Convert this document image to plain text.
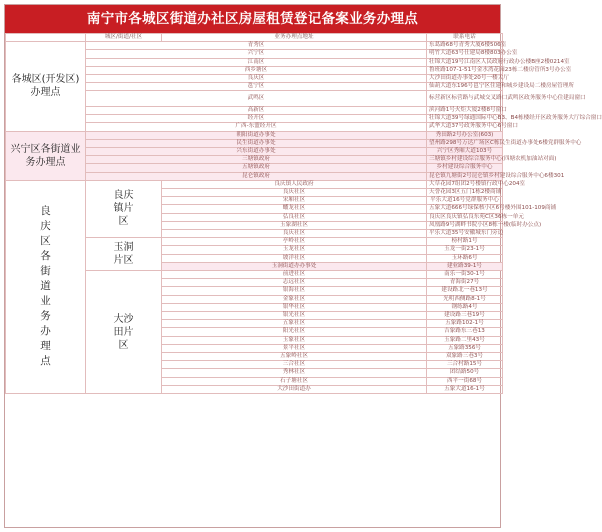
南宁市各城区街道办社区房屋租赁登记备案业务办理点
	城区/街道/社区	业务办理点地址	联系电话	
各城区(开发区)办理点	青秀区		东葛路68号青秀大厦6楼506室	

	兴宁区		明竹大道63号仕建局8楼803办公室	

	江南区		壮锦大道19号江南区人民政府行政办公楼B座2楼0214室	

	西乡塘区		鲁班路107-1-51号金水湾花园23栋二楼房管所3号办公室	

	良庆区		大沙田街道办事处20号一楼大厅	

	邕宁区		仙葫大道东196号邕宁区住建和城乡建设局二楼房屋管理所	

	武鸣区		标营新区标营路与武城交叉路口武鸣区政务服务中心住建局窗口	

	高新区		滨河路1号火炬大厦2楼8号窗口	

	经开区		壮锦大道39号绿通国际中心B3、B4栋楼经开区政务服务大厅综合窗口	

	广西-东盟经开区		武华大道37号政务服务中心6号窗口	

兴宁区各街道业务办理点	朝阳街道办事处		秀田路2号办公室(603)	

	民生街道办事处		望州路298号万达广场区C栋民生街道办事处6楼党群服务中心	

	兴东街道办事处		兴宁区秀厢大道103号	

	三塘镇政府		三塘镇乡村建设综合服务中心(四塘农机加油站对面)	

	五塘镇政府		乡村建设综合服务中心	

	昆仑镇政府		昆仑镇九塘街2号昆仑镇乡村建设综合服务中心6楼301	

良庆区各街道业务办理点	良庆镇片区	良庆镇人民政府	大草花园7组团2号楼镇行政中心204室	

		良庆社区	天誉花园3区五门1栋2楼商铺	

		宋厢社区	平乐大道16号党群服务中心	

		蟠龙社区	五象大道666号绿保核小区6号楼外围101-109商铺	

		弘良社区	良庆区良庆镇弘良东苑C区36栋一单元	

		玉象湖社区	凤凰路9号湖畔书院小区8栋一楼(临时办公点)	

		良庆社区	平乐大道35号安徽城东门旁边	

	玉洞片区	亭岭社区	榜村路1号	

		玉龙社区	玉龙一街23-1号	

		坡洋社区	玉环路6号	

		玉洞街道办办事处	建业路39-1号	

	大沙田片区	前进社区	南乐一街30-1号	

		志远社区	青海街27号	

		银海社区	建设路北一巷13号	

		金象社区	光明西侧路8-1号	

		银华社区	钢练路4号	

		银光社区	建设路三巷19号	

		五象社区	五象路102-1号	

		阳光社区	吉象路东三巷13	

		玉象社区	玉象路二里43号	

		景平社区	五象路356号	

		五象岭社区	双象路三巷3号	

		三合社区	三合村路15号	

		秀林社区	团结路50号	

		石子塘社区	西平一街68号	

		大沙田街道办	五象大道16-1号	
